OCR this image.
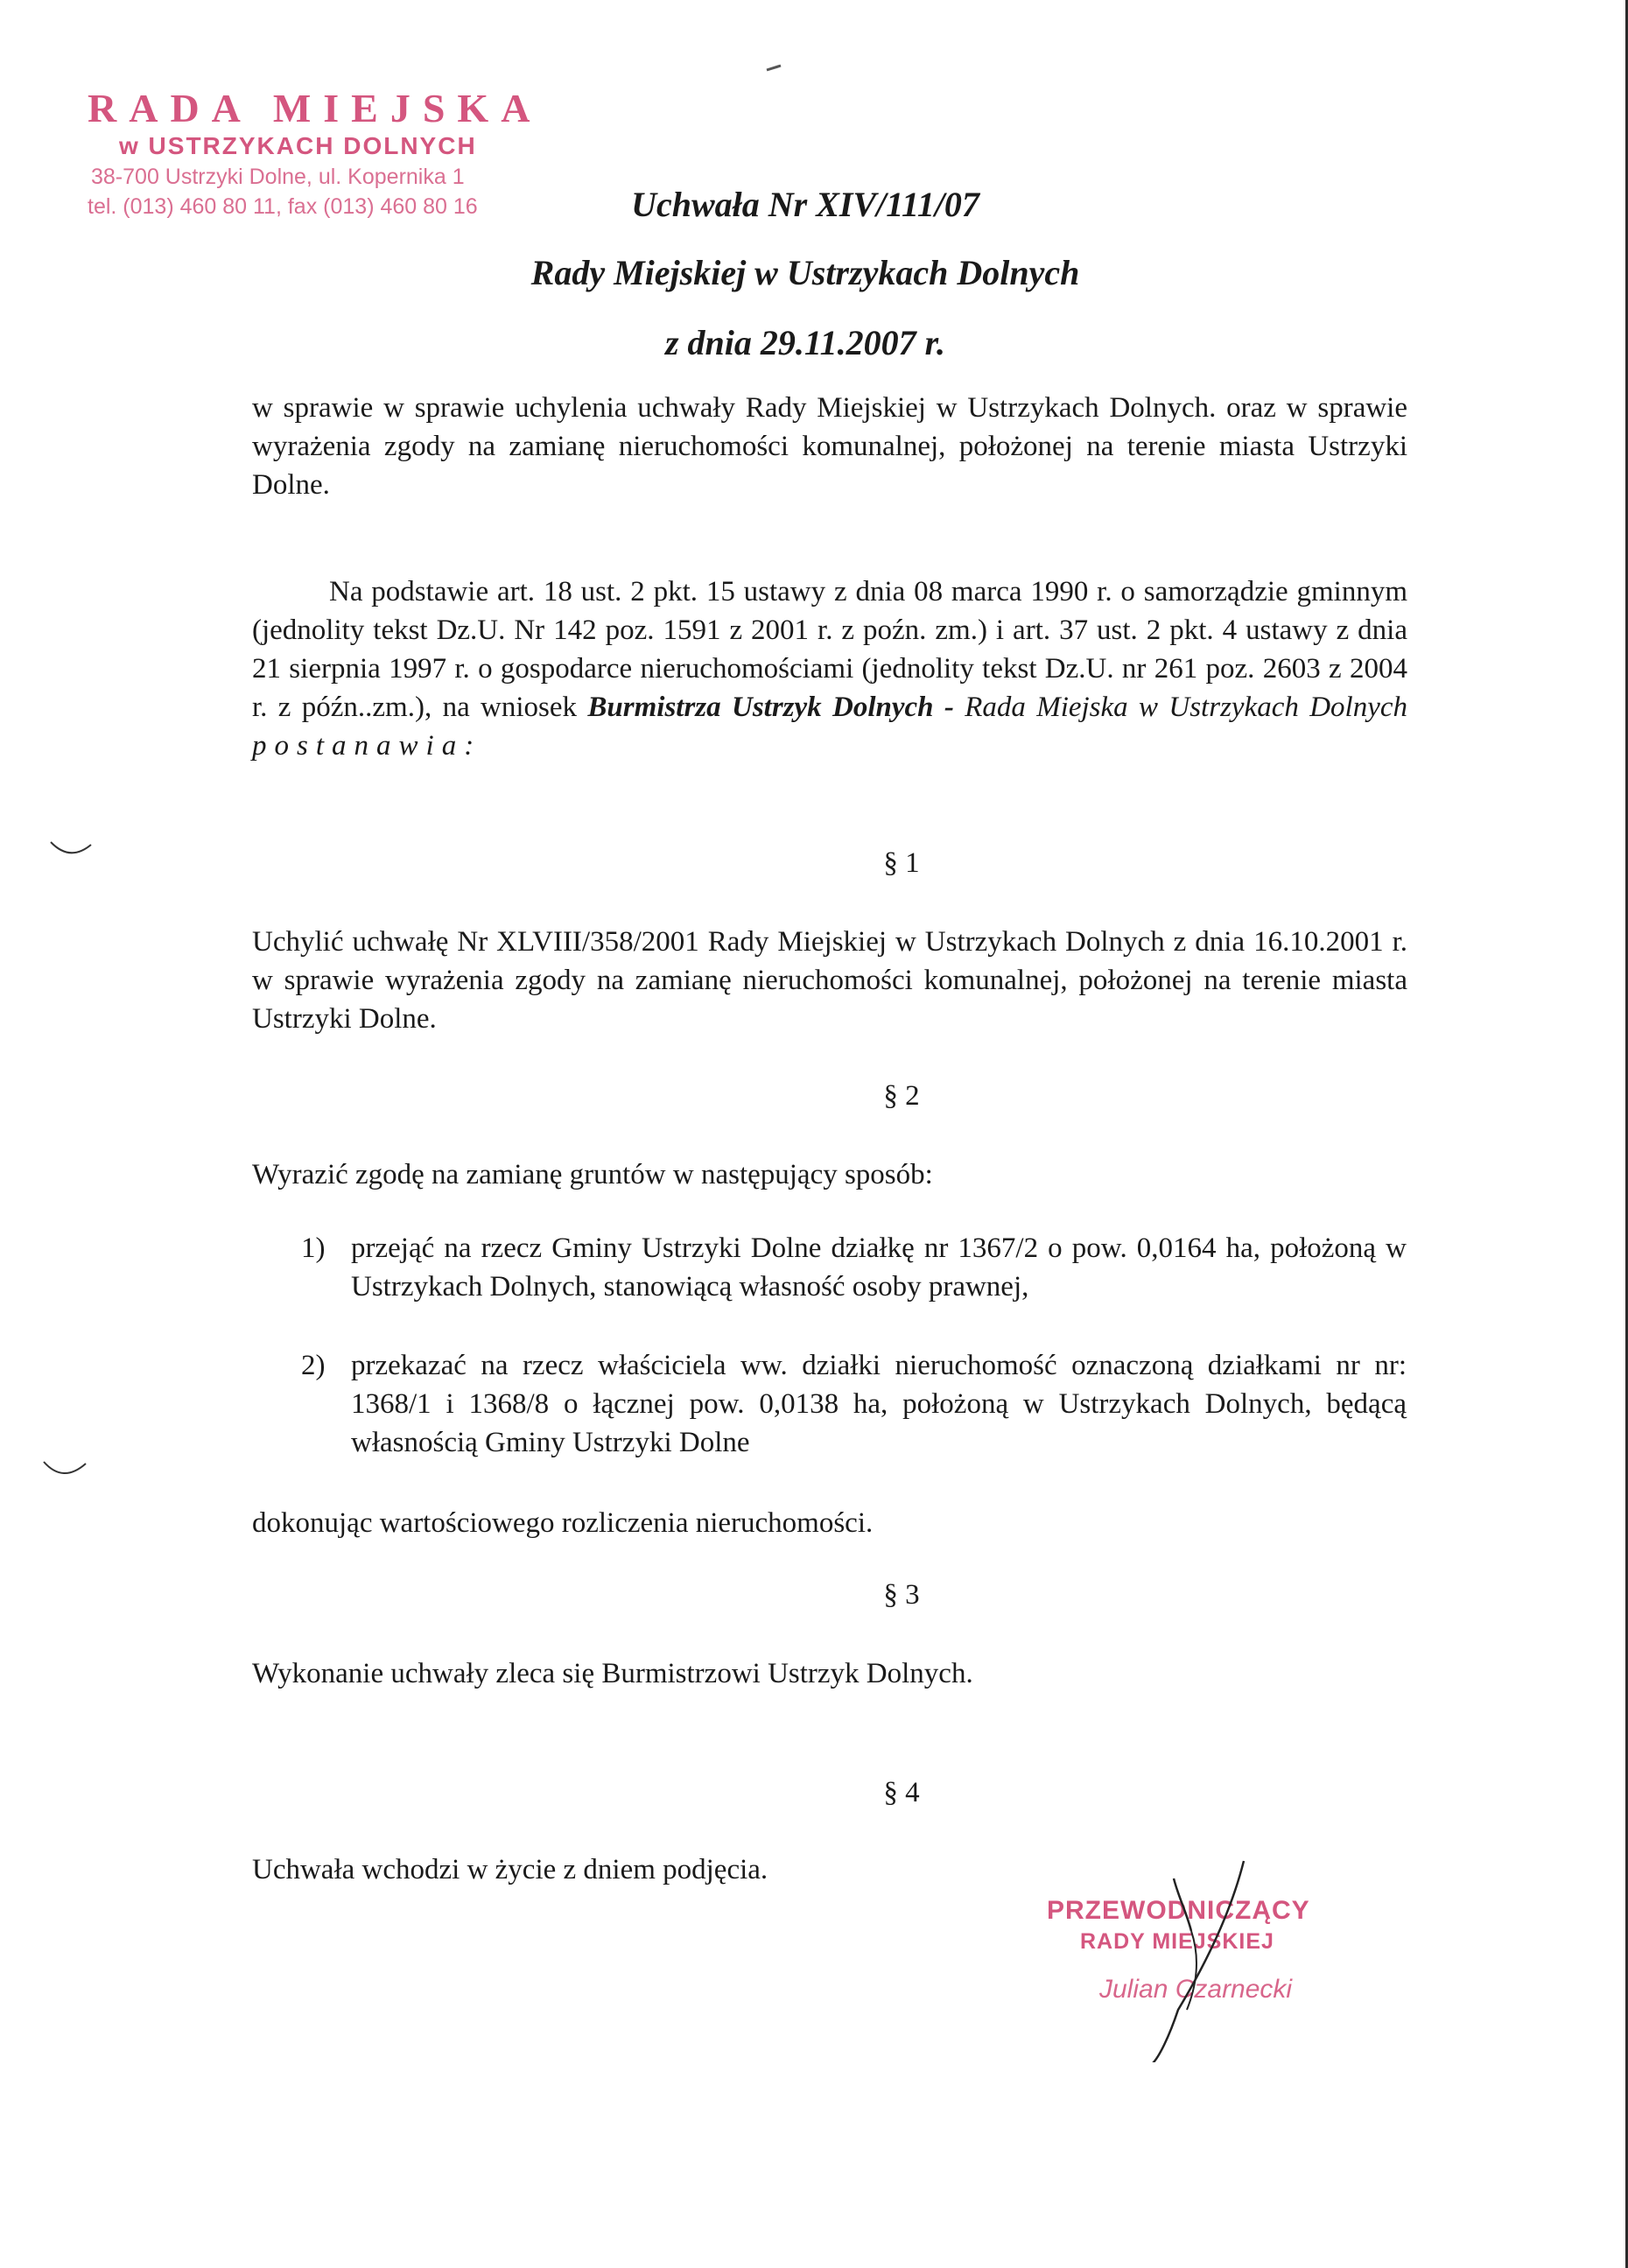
RADA MIEJSKA
w USTRZYKACH DOLNYCH
38-700 Ustrzyki Dolne, ul. Kopernika 1
tel. (013) 460 80 11, fax (013) 460 80 16	Uchwała Nr XIV/111/07
Rady Miejskiej w Ustrzykach Dolnych
z dnia 29.11.2007 r.
w sprawie w sprawie uchylenia uchwały Rady Miejskiej w Ustrzykach Dolnych. oraz w sprawie wyrażenia zgody na zamianę nieruchomości komunalnej, położonej na terenie miasta Ustrzyki Dolne.
Na podstawie art. 18 ust. 2 pkt. 15 ustawy z dnia 08 marca 1990 r. o samorządzie gminnym (jednolity tekst Dz.U. Nr 142 poz. 1591 z 2001 r. z poźn. zm.) i art. 37 ust. 2 pkt. 4 ustawy z dnia 21 sierpnia 1997 r. o gospodarce nieruchomościami (jednolity tekst Dz.U. nr 261 poz. 2603 z 2004 r. z późn..zm.), na wniosek Burmistrza Ustrzyk Dolnych - Rada Miejska w Ustrzykach Dolnych postanawia:
§ 1
Uchylić uchwałę Nr XLVIII/358/2001 Rady Miejskiej w Ustrzykach Dolnych z dnia 16.10.2001 r. w sprawie wyrażenia zgody na zamianę nieruchomości komunalnej, położonej na terenie miasta Ustrzyki Dolne.
§ 2
Wyrazić zgodę na zamianę gruntów w następujący sposób:
1) przejąć na rzecz Gminy Ustrzyki Dolne działkę nr 1367/2 o pow. 0,0164 ha, położoną w Ustrzykach Dolnych, stanowiącą własność osoby prawnej,
2) przekazać na rzecz właściciela ww. działki nieruchomość oznaczoną działkami nr nr: 1368/1 i 1368/8 o łącznej pow. 0,0138 ha, położoną w Ustrzykach Dolnych, będącą własnością Gminy Ustrzyki Dolne
dokonując wartościowego rozliczenia nieruchomości.
§ 3
Wykonanie uchwały zleca się Burmistrzowi Ustrzyk Dolnych.
§ 4
Uchwała wchodzi w życie z dniem podjęcia.
PRZEWODNICZĄCY
RADY MIEJSKIEJ
Julian Czarnecki
